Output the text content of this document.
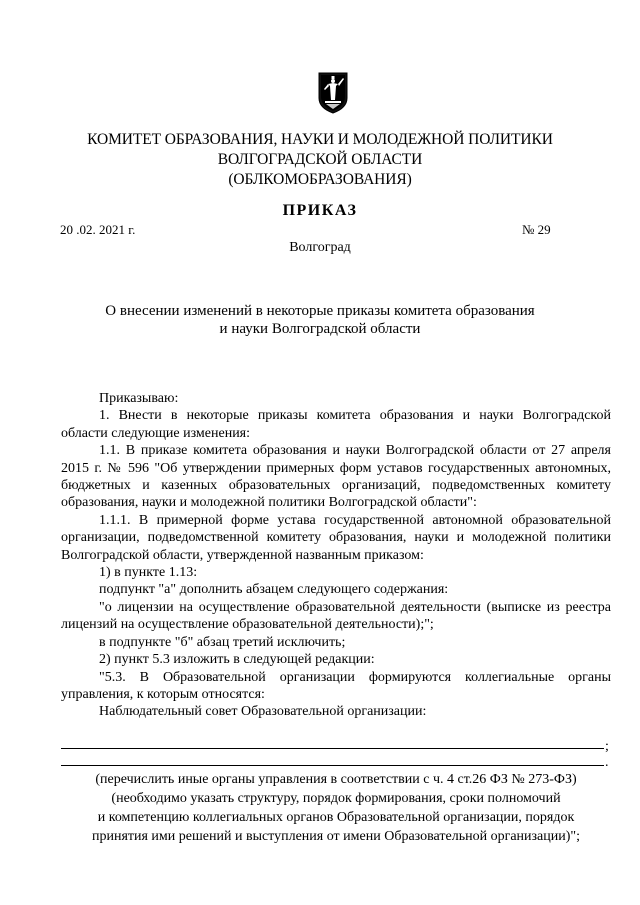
КОМИТЕТ ОБРАЗОВАНИЯ, НАУКИ И МОЛОДЕЖНОЙ ПОЛИТИКИ
ВОЛГОГРАДСКОЙ ОБЛАСТИ
(ОБЛКОМОБРАЗОВАНИЯ)
ПРИКАЗ
20 .02. 2021 г.	№ 29
Волгоград
О внесении изменений в некоторые приказы комитета образования
и науки Волгоградской области

Приказываю:

1. Внести в некоторые приказы комитета образования и науки Волгоградской области следующие изменения:

1.1. В приказе комитета образования и науки Волгоградской области от 27 апреля 2015 г. № 596 "Об утверждении примерных форм уставов государственных автономных, бюджетных и казенных образовательных организаций, подведомственных комитету образования, науки и молодежной политики Волгоградской области":

1.1.1. В примерной форме устава государственной автономной образовательной организации, подведомственной комитету образования, науки и молодежной политики Волгоградской области, утвержденной названным приказом:

1) в пункте 1.13:

подпункт "а" дополнить абзацем следующего содержания:

"о лицензии на осуществление образовательной деятельности (выписке из реестра лицензий на осуществление образовательной деятельности);";

в подпункте "б" абзац третий исключить;

2) пункт 5.3 изложить в следующей редакции:

"5.3. В Образовательной организации формируются коллегиальные органы управления, к которым относятся:

Наблюдательный совет Образовательной организации:

;
.
(перечислить иные органы управления в соответствии с ч. 4 ст.26 ФЗ № 273-ФЗ)
(необходимо указать структуру, порядок формирования, сроки полномочий
и компетенцию коллегиальных органов Образовательной организации, порядок
принятия ими решений и выступления от имени Образовательной организации)";
